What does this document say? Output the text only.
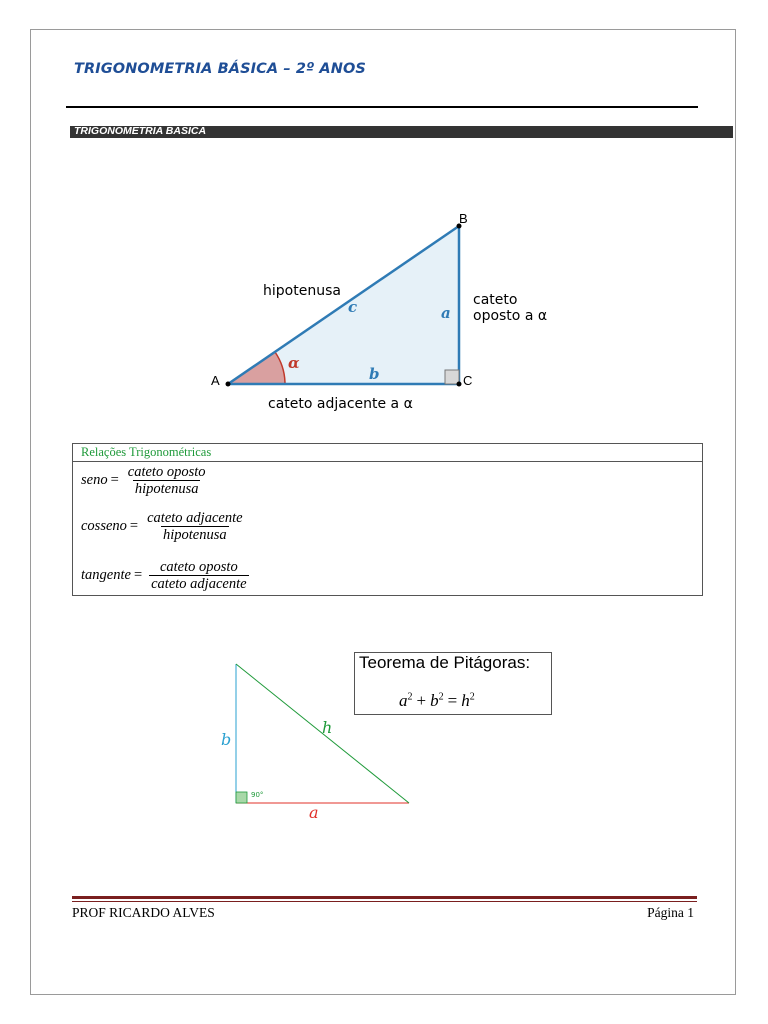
TRIGONOMETRIA BÁSICA – 2º ANOS
TRIGONOMETRIA BASICA
A
B
C
hipotenusa
c	a
b
α
cateto
oposto a α
cateto adjacente a α
Relações Trigonométricas
seno = $\frac{\text{cateto oposto}}{\text{hipotenusa}}$
cosseno = $\frac{\text{cateto adjacente}}{\text{hipotenusa}}$
tangente = $\frac{\text{cateto oposto}}{\text{cateto adjacente}}$
90°
b
h
a
Teorema de Pitágoras:
$a^2 + b^2 = h^2$
PROF RICARDO ALVES	Página 1
